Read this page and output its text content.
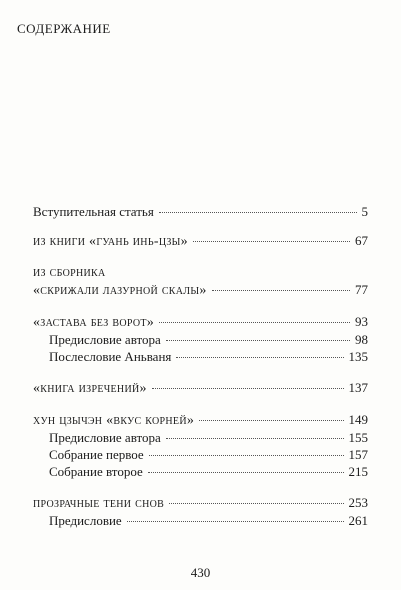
содержание
Вступительная статья	5
из книги «гуань инь-цзы»	67
из сборника
«скрижали лазурной скалы»	77
«застава без ворот»	93
Предисловие автора	98
Послесловие Аньваня	135
«книга изречений»	137
хун цзычэн «вкус корней»	149
Предисловие автора	155
Собрание первое	157
Собрание второе	215
прозрачные тени снов	253
Предисловие	261
430
